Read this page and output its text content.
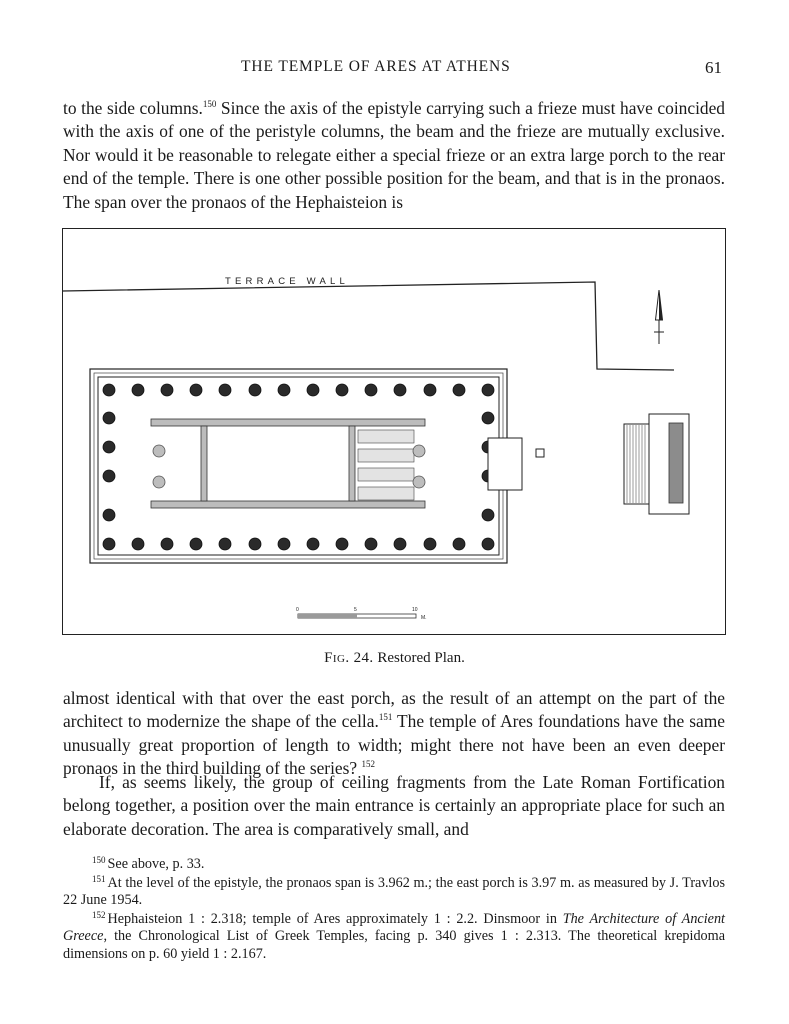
THE TEMPLE OF ARES AT ATHENS	61

to the side columns.$^{150}$ Since the axis of the epistyle carrying such a frieze must have coincided with the axis of one of the peristyle columns, the beam and the frieze are mutually exclusive. Nor would it be reasonable to relegate either a special frieze or an extra large porch to the rear end of the temple. There is one other possible position for the beam, and that is in the pronaos. The span over the pronaos of the Hephaisteion is

TERRACE WALL
0	5	10
M.
Fig. 24. Restored Plan.

almost identical with that over the east porch, as the result of an attempt on the part of the architect to modernize the shape of the cella.$^{151}$ The temple of Ares foundations have the same unusually great proportion of length to width; might there not have been an even deeper pronaos in the third building of the series? $^{152}$

If, as seems likely, the group of ceiling fragments from the Late Roman Fortification belong together, a position over the main entrance is certainly an appropriate place for such an elaborate decoration. The area is comparatively small, and

$^{150}$ See above, p. 33.

$^{151}$ At the level of the epistyle, the pronaos span is 3.962 m.; the east porch is 3.97 m. as measured by J. Travlos 22 June 1954.

$^{152}$ Hephaisteion 1 : 2.318; temple of Ares approximately 1 : 2.2. Dinsmoor in The Architecture of Ancient Greece, the Chronological List of Greek Temples, facing p. 340 gives 1 : 2.313. The theoretical krepidoma dimensions on p. 60 yield 1 : 2.167.
